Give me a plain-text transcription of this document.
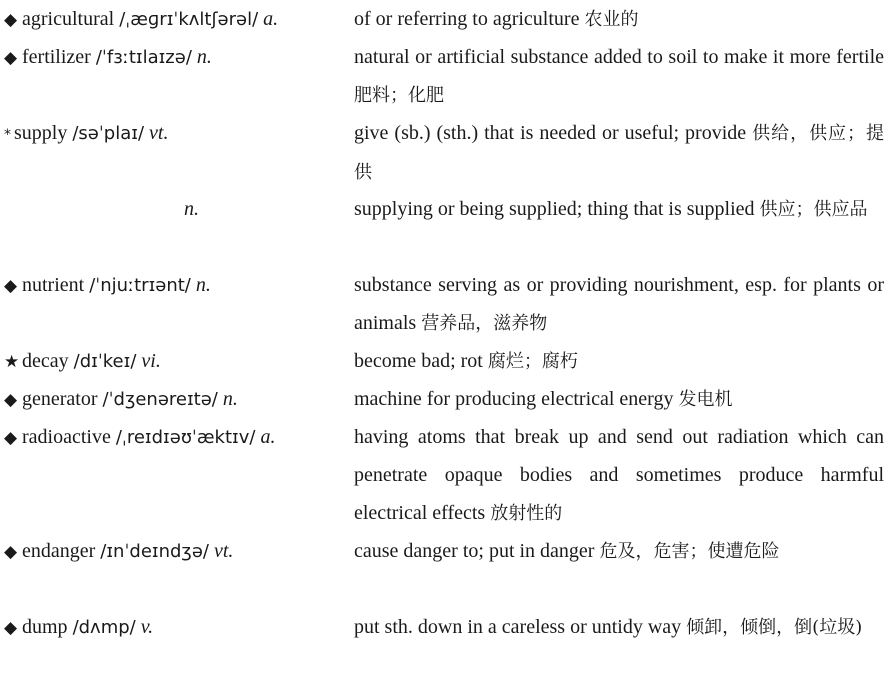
◆ agricultural /ˌæɡrɪˈkʌltʃərəl/ a.	of or referring to agriculture 农业的
◆ fertilizer /ˈfɜːtɪlaɪzə/ n.	natural or artificial substance added to soil to make it more fertile 肥料；化肥
* supply /səˈplaɪ/ vt.	give (sb.) (sth.) that is needed or useful; provide 供给，供应；提供
n.	supplying or being supplied; thing that is supplied 供应；供应品
◆ nutrient /ˈnjuːtrɪənt/ n.	substance serving as or providing nourishment, esp. for plants or animals 营养品，滋养物
★ decay /dɪˈkeɪ/ vi.	become bad; rot 腐烂；腐朽
◆ generator /ˈdʒenəreɪtə/ n.	machine for producing electrical energy 发电机
◆ radioactive /ˌreɪdɪəʊˈæktɪv/ a.	having atoms that break up and send out radiation which can penetrate opaque bodies and sometimes produce harmful electrical effects 放射性的
◆ endanger /ɪnˈdeɪndʒə/ vt.	cause danger to; put in danger 危及，危害；使遭危险
◆ dump /dʌmp/ v.	put sth. down in a careless or untidy way 倾卸，倾倒，倒(垃圾)
